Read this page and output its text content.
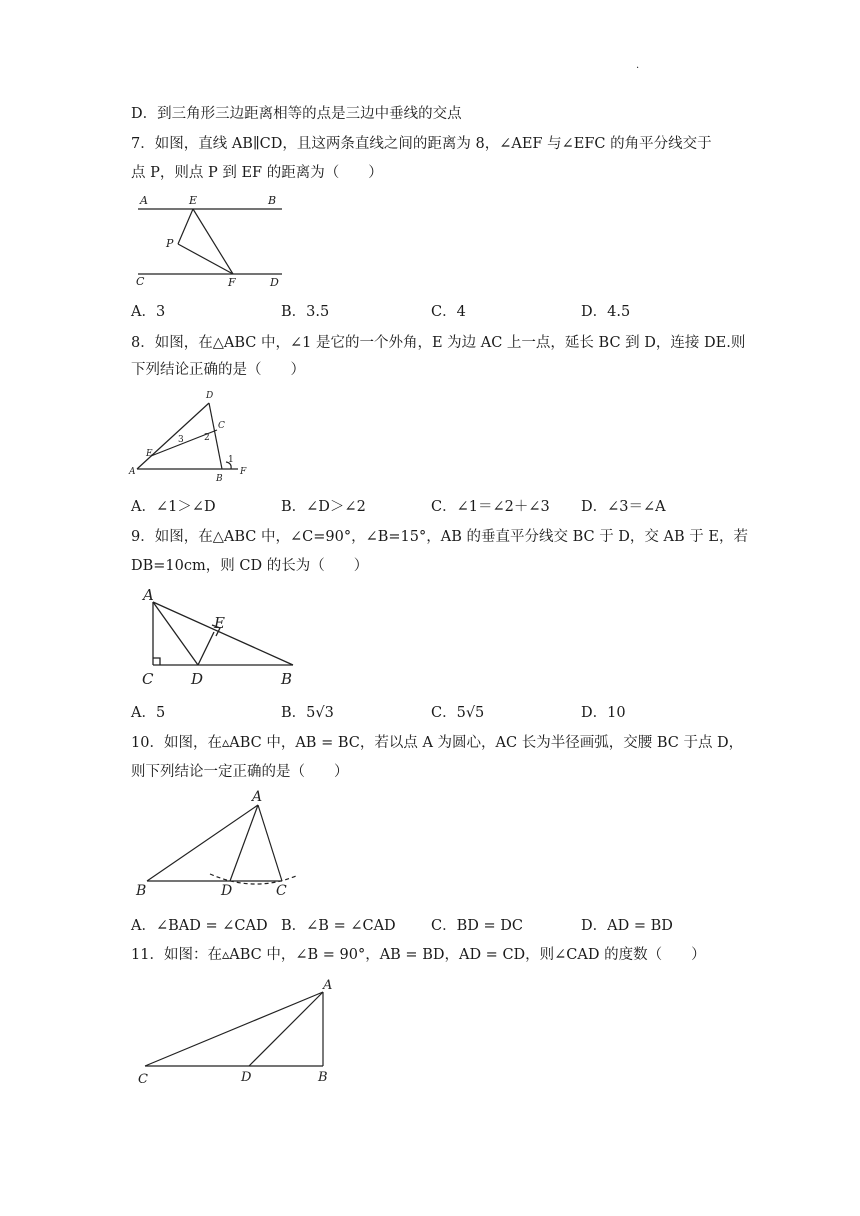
.
D．到三角形三边距离相等的点是三边中垂线的交点
7．如图，直线 AB∥CD，且这两条直线之间的距离为 8，∠AEF 与∠EFC 的角平分线交于
点 P，则点 P 到 EF 的距离为（　　）
A	E	B
P
C	F	D
A．3	B．3.5	C．4	D．4.5
8．如图，在△ABC 中，∠1 是它的一个外角，E 为边 AC 上一点，延长 BC 到 D，连接 DE.则
下列结论正确的是（　　）
D
C
E
A
B
F
1
2
3
A．∠1＞∠D	B．∠D＞∠2	C．∠1＝∠2＋∠3 D．∠3＝∠A
9．如图，在△ABC 中，∠C=90°，∠B=15°，AB 的垂直平分线交 BC 于 D，交 AB 于 E，若
DB=10cm，则 CD 的长为（　　）
A
E
C	D	B
A．5	B．5√3	C．5√5	D．10
10．如图，在▵ABC 中，AB = BC，若以点 A 为圆心，AC 长为半径画弧，交腰 BC 于点 D，
则下列结论一定正确的是（　　）
A
B	D	C
A．∠BAD = ∠CAD B．∠B = ∠CAD C．BD = DC	D．AD = BD
11．如图：在▵ABC 中，∠B = 90°，AB = BD，AD = CD，则∠CAD 的度数（　　）
A
C	D	B
